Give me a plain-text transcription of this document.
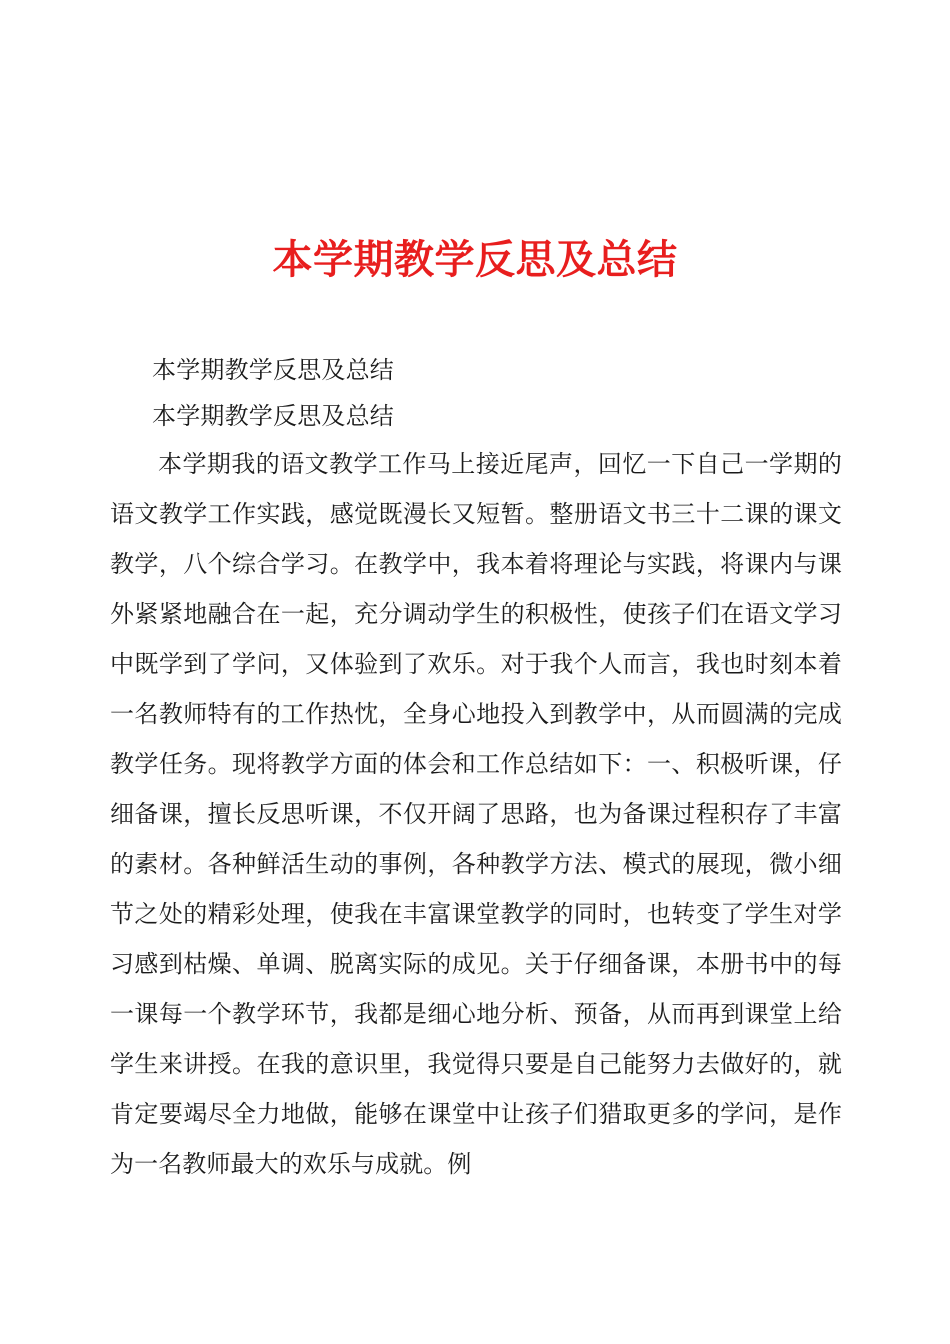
本学期教学反思及总结
本学期教学反思及总结
本学期教学反思及总结

本学期我的语文教学工作马上接近尾声，回忆一下自己一学期的语文教学工作实践，感觉既漫长又短暂。整册语文书三十二课的课文教学，八个综合学习。在教学中，我本着将理论与实践，将课内与课外紧紧地融合在一起，充分调动学生的积极性，使孩子们在语文学习中既学到了学问，又体验到了欢乐。对于我个人而言，我也时刻本着一名教师特有的工作热忱，全身心地投入到教学中，从而圆满的完成教学任务。现将教学方面的体会和工作总结如下：一、积极听课，仔细备课，擅长反思听课，不仅开阔了思路，也为备课过程积存了丰富的素材。各种鲜活生动的事例，各种教学方法、模式的展现，微小细节之处的精彩处理，使我在丰富课堂教学的同时，也转变了学生对学习感到枯燥、单调、脱离实际的成见。关于仔细备课，本册书中的每一课每一个教学环节，我都是细心地分析、预备，从而再到课堂上给学生来讲授。在我的意识里，我觉得只要是自己能努力去做好的，就肯定要竭尽全力地做，能够在课堂中让孩子们猎取更多的学问，是作为一名教师最大的欢乐与成就。例
